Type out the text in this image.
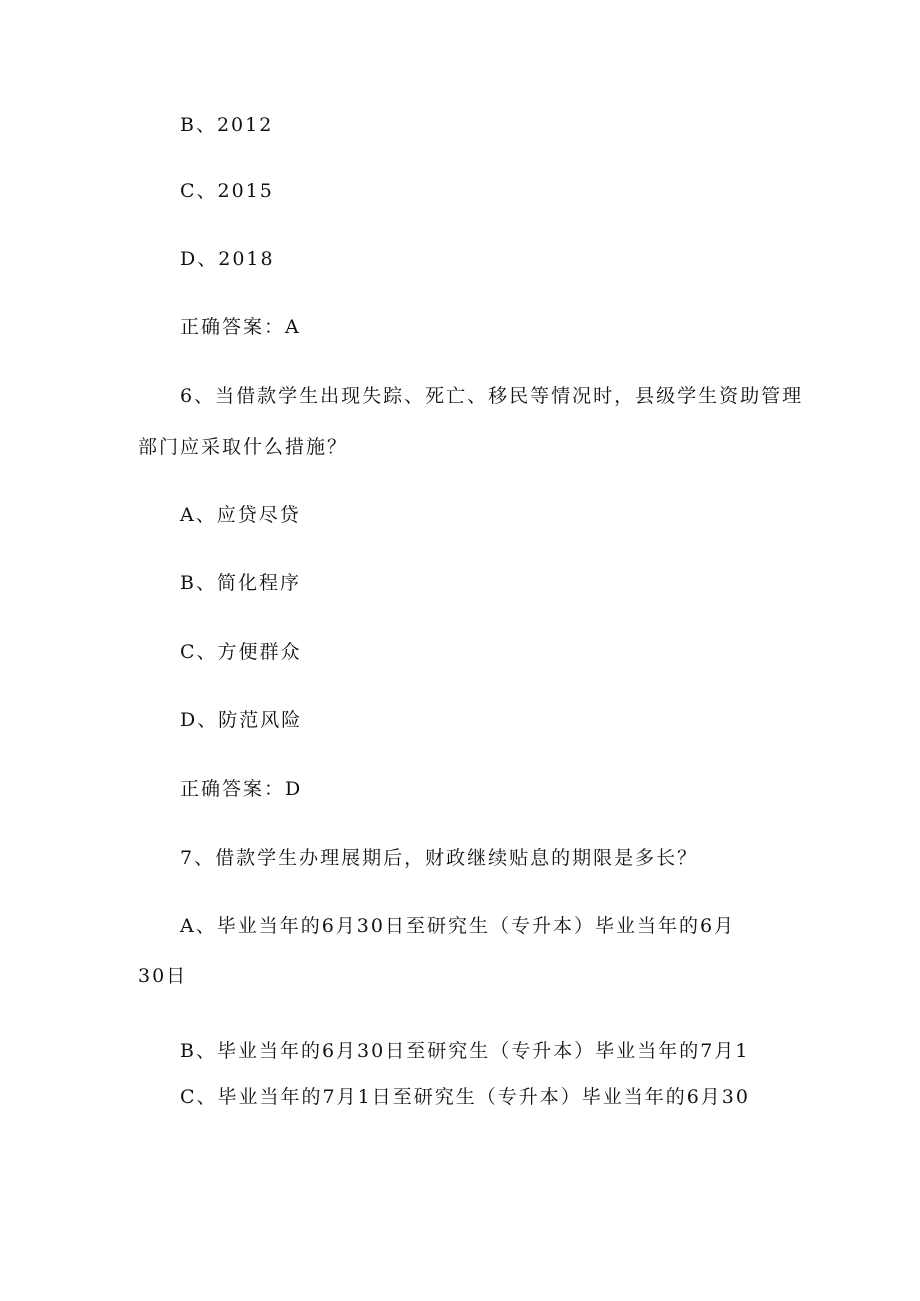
B、2012
C、2015
D、2018
正确答案：A
6、当借款学生出现失踪、死亡、移民等情况时，县级学生资助管理
部门应采取什么措施？
A、应贷尽贷
B、简化程序
C、方便群众
D、防范风险
正确答案：D
7、借款学生办理展期后，财政继续贴息的期限是多长？
A、毕业当年的6月30日至研究生（专升本）毕业当年的6月
30日
B、毕业当年的6月30日至研究生（专升本）毕业当年的7月1
C、毕业当年的7月1日至研究生（专升本）毕业当年的6月30
